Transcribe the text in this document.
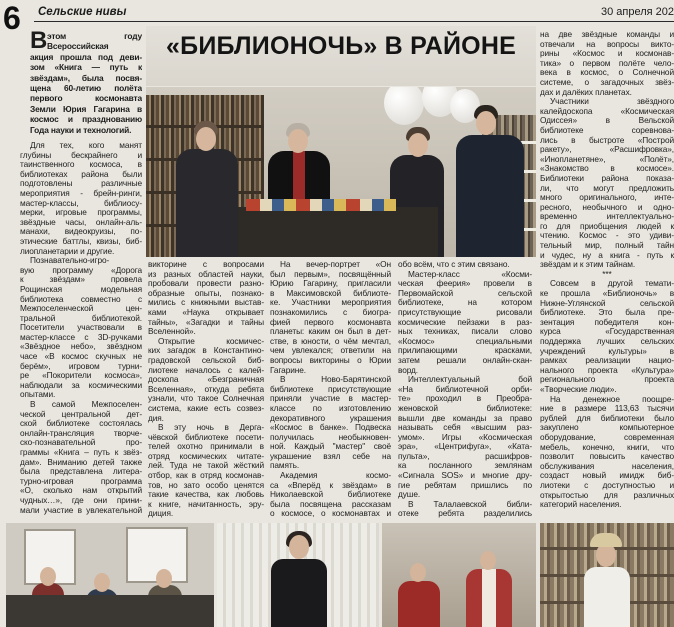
6 Сельские нивы	30 апреля 202
«БИБЛИОНОЧЬ» В РАЙОНЕ
В этом году
Всероссийская
акция прошла под деви-
зом «Книга — путь к
звёздам», была посвя-
щена 60-летию полёта
первого космонавта
Земли Юрия Гагарина в
космос и празднованию
Года науки и технологий.
Для тех, кого манят
глубины бескрайнего и
таинственного космоса, в
библиотеках района были
подготовлены различные
мероприятия - брейн-ринги,
мастер-классы, библиосу-
мерки, игровые программы,
звёздные часы, онлайн-аль-
манахи, видеокруизы, по-
этические баттлы, квизы, биб-
лиопланетарии и другие.
Познавательно-игро-
вую программу «Дорога
к звёздам» провела
Рощинская модельная
библиотека совместно с
Межпоселенческой цен-
тральной библиотекой.
Посетители участвовали в
мастер-классе с 3D-ручками
«Звёздное небо», звёздном
часе «В космос скучных не
берём», игровом турни-
ре «Покорители космоса»,
наблюдали за космическими
опытами.
В самой Межпоселен-
ческой центральной дет-
ской библиотеке состоялась
онлайн-трансляция творче-
ско-познавательной про-
граммы «Книга – путь к звёз-
дам». Вниманию детей также
была представлена литера-
турно-игровая программа
«О, сколько нам открытий
чудных…», где они прини-
мали участие в увлекательной
викторине с вопросами
из разных областей науки,
пробовали провести разно-
образные опыты, познако-
мились с книжными выстав-
ками «Наука открывает
тайны», «Загадки и тайны
Вселенной».
Открытие космичес-
ких загадок в Константино-
градовской сельской биб-
лиотеке началось с калей-
доскопа «Безграничная
Вселенная», откуда ребята
узнали, что такое Солнечная
система, какие есть созвез-
дия.
В эту ночь в Дерга-
чёвской библиотеке посети-
телей охотно принимали в
отряд космических читате-
лей. Туда не такой жёсткий
отбор, как в отряд космонав-
тов, но зато особо ценятся
такие качества, как любовь
к книге, начитанность, эру-
диция.
На вечер-портрет «Он
был первым», посвящённый
Юрию Гагарину, пригласили
в Максимовской библиоте-
ке. Участники мероприятия
познакомились с биогра-
фией первого космонавта
планеты: каким он был в дет-
стве, в юности, о чём мечтал,
чем увлекался; ответили на
вопросы викторины о Юрии
Гагарине.
В Ново-Барятинской
библиотеке присутствующие
приняли участие в мастер-
классе по изготовлению
декоративного украшения
«Космос в банке». Подвеска
получилась необыкновен-
ной. Каждый "мастер" своё
украшение взял себе на
память.
Академия космо-
са «Вперёд к звёздам» в
Николаевской библиотеке
была посвящена рассказам
о космосе, о космонавтах и
обо всём, что с этим связано.
Мастер-класс «Косми-
ческая феерия» провели в
Первомайской сельской
библиотеке, на котором
присутствующие рисовали
космические пейзажи в раз-
ных техниках, писали слово
«Космос» специальными
прилипающими красками,
затем решали онлайн-скан-
ворд.
Интеллектуальный бой
«На библиотечной орби-
те» проходил в Преобра-
женовской библиотеке:
вышли две команды за право
называть себя «высшим раз-
умом». Игры «Космическая
эра», «Центрифуга», «Ката-
пульта», расшифров-
ка посланного землянам
«Сигнала SOS» и многие дру-
гие ребятам пришлись по
душе.
В Талалаевской библи-
отеке ребята разделились
на две звёздные команды и
отвечали на вопросы викто-
рины «Космос и космонав-
тика» о первом полёте чело-
века в космос, о Солнечной
системе, о загадочных звёз-
дах и далёких планетах.
Участники звёздного
калейдоскопа «Космическая
Одиссея» в Вельской
библиотеке соревнова-
лись в быстроте «Построй
ракету», «Расшифровка»,
«Инопланетяне», «Полёт»,
«Знакомство в космосе».
Библиотеки района показа-
ли, что могут предложить
много оригинального, инте-
ресного, необычного и одно-
временно интеллектуально-
го для приобщения людей к
чтению. Космос - это удиви-
тельный мир, полный тайн
и чудес, ну а книга - путь к
звёздам и к этим тайнам.
***
Совсем в другой темати-
ке прошла «Библионочь» в
Нижне-Углянской сельской
библиотеке. Это была пре-
зентация победителя кон-
курса «Государственная
поддержка лучших сельских
учреждений культуры» в
рамках реализации нацио-
нального проекта «Культура»
регионального проекта
«Творческие люди».
На денежное поощре-
ние в размере 113,63 тысячи
рублей для библиотеки было
закуплено компьютерное
оборудование, современная
мебель, конечно, книги, что
позволит повысить качество
обслуживания населения,
создаст новый имидж биб-
лиотеки с доступностью и
открытостью для различных
категорий населения.
